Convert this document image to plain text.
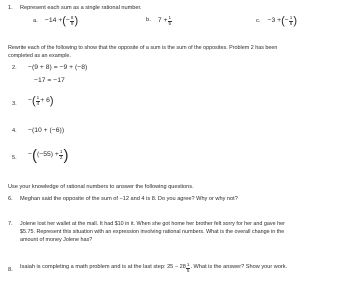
1. Represent each sum as a single rational number.
a. −14 + ( − $\frac{8}{9}$ )	b. $7 + \frac{1}{5}$	c. −3 + ( − $\frac{1}{6}$ )
Rewrite each of the following to show that the opposite of a sum is the sum of the opposites. Problem 2 has been
completed as an example.
2. −(9 + 8) = −9 + (−8)
−17 = −17
3. − ( $\frac{1}{4} + 6$ )
4. −(10 + (−6))
5. − ( $(-55) + \frac{1}{2}$ )
Use your knowledge of rational numbers to answer the following questions.
6. Meghan said the opposite of the sum of −12 and 4 is 8. Do you agree? Why or why not?
7. Jolene lost her wallet at the mall. It had $10 in it. When she got home her brother felt sorry for her and gave her
$5.75. Represent this situation with an expression involving rational numbers. What is the overall change in the
amount of money Jolene has?
8. Isaiah is completing a math problem and is at the last step: $25 - 28 \frac{1}{5}$ . What is the answer? Show your work.
